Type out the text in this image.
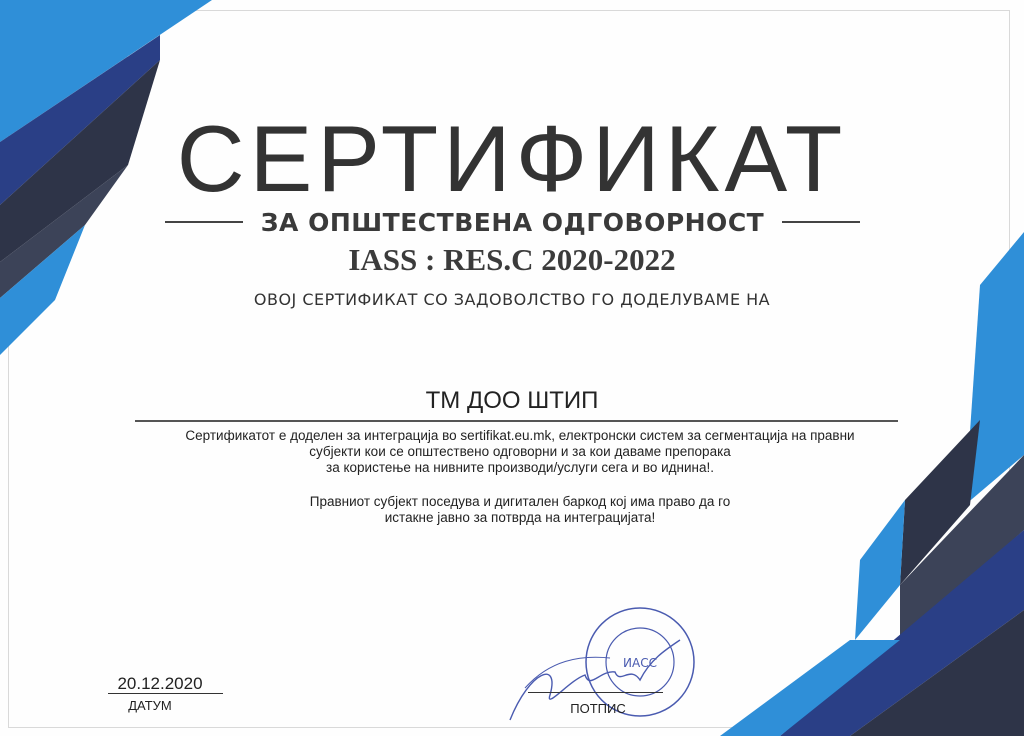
СЕРТИФИКАТ
ЗА ОПШТЕСТВЕНА ОДГОВОРНОСТ
IASS : RES.C 2020-2022
ОВОЈ СЕРТИФИКАТ СО ЗАДОВОЛСТВО ГО ДОДЕЛУВАМЕ НА
ТМ ДОО ШТИП

Сертификатот е доделен за интеграција во sertifikat.eu.mk, електронски систем за сегментација на правни

субјекти кои се општествено одговорни и за кои даваме препорака

за користење на нивните производи/услуги сега и во иднина!.

Правниот субјект поседува и дигитален баркод кој има право да го

истакне јавно за потврда на интеграцијата!

20.12.2020
ДАТУМ
ИАСС
ПОТПИС
